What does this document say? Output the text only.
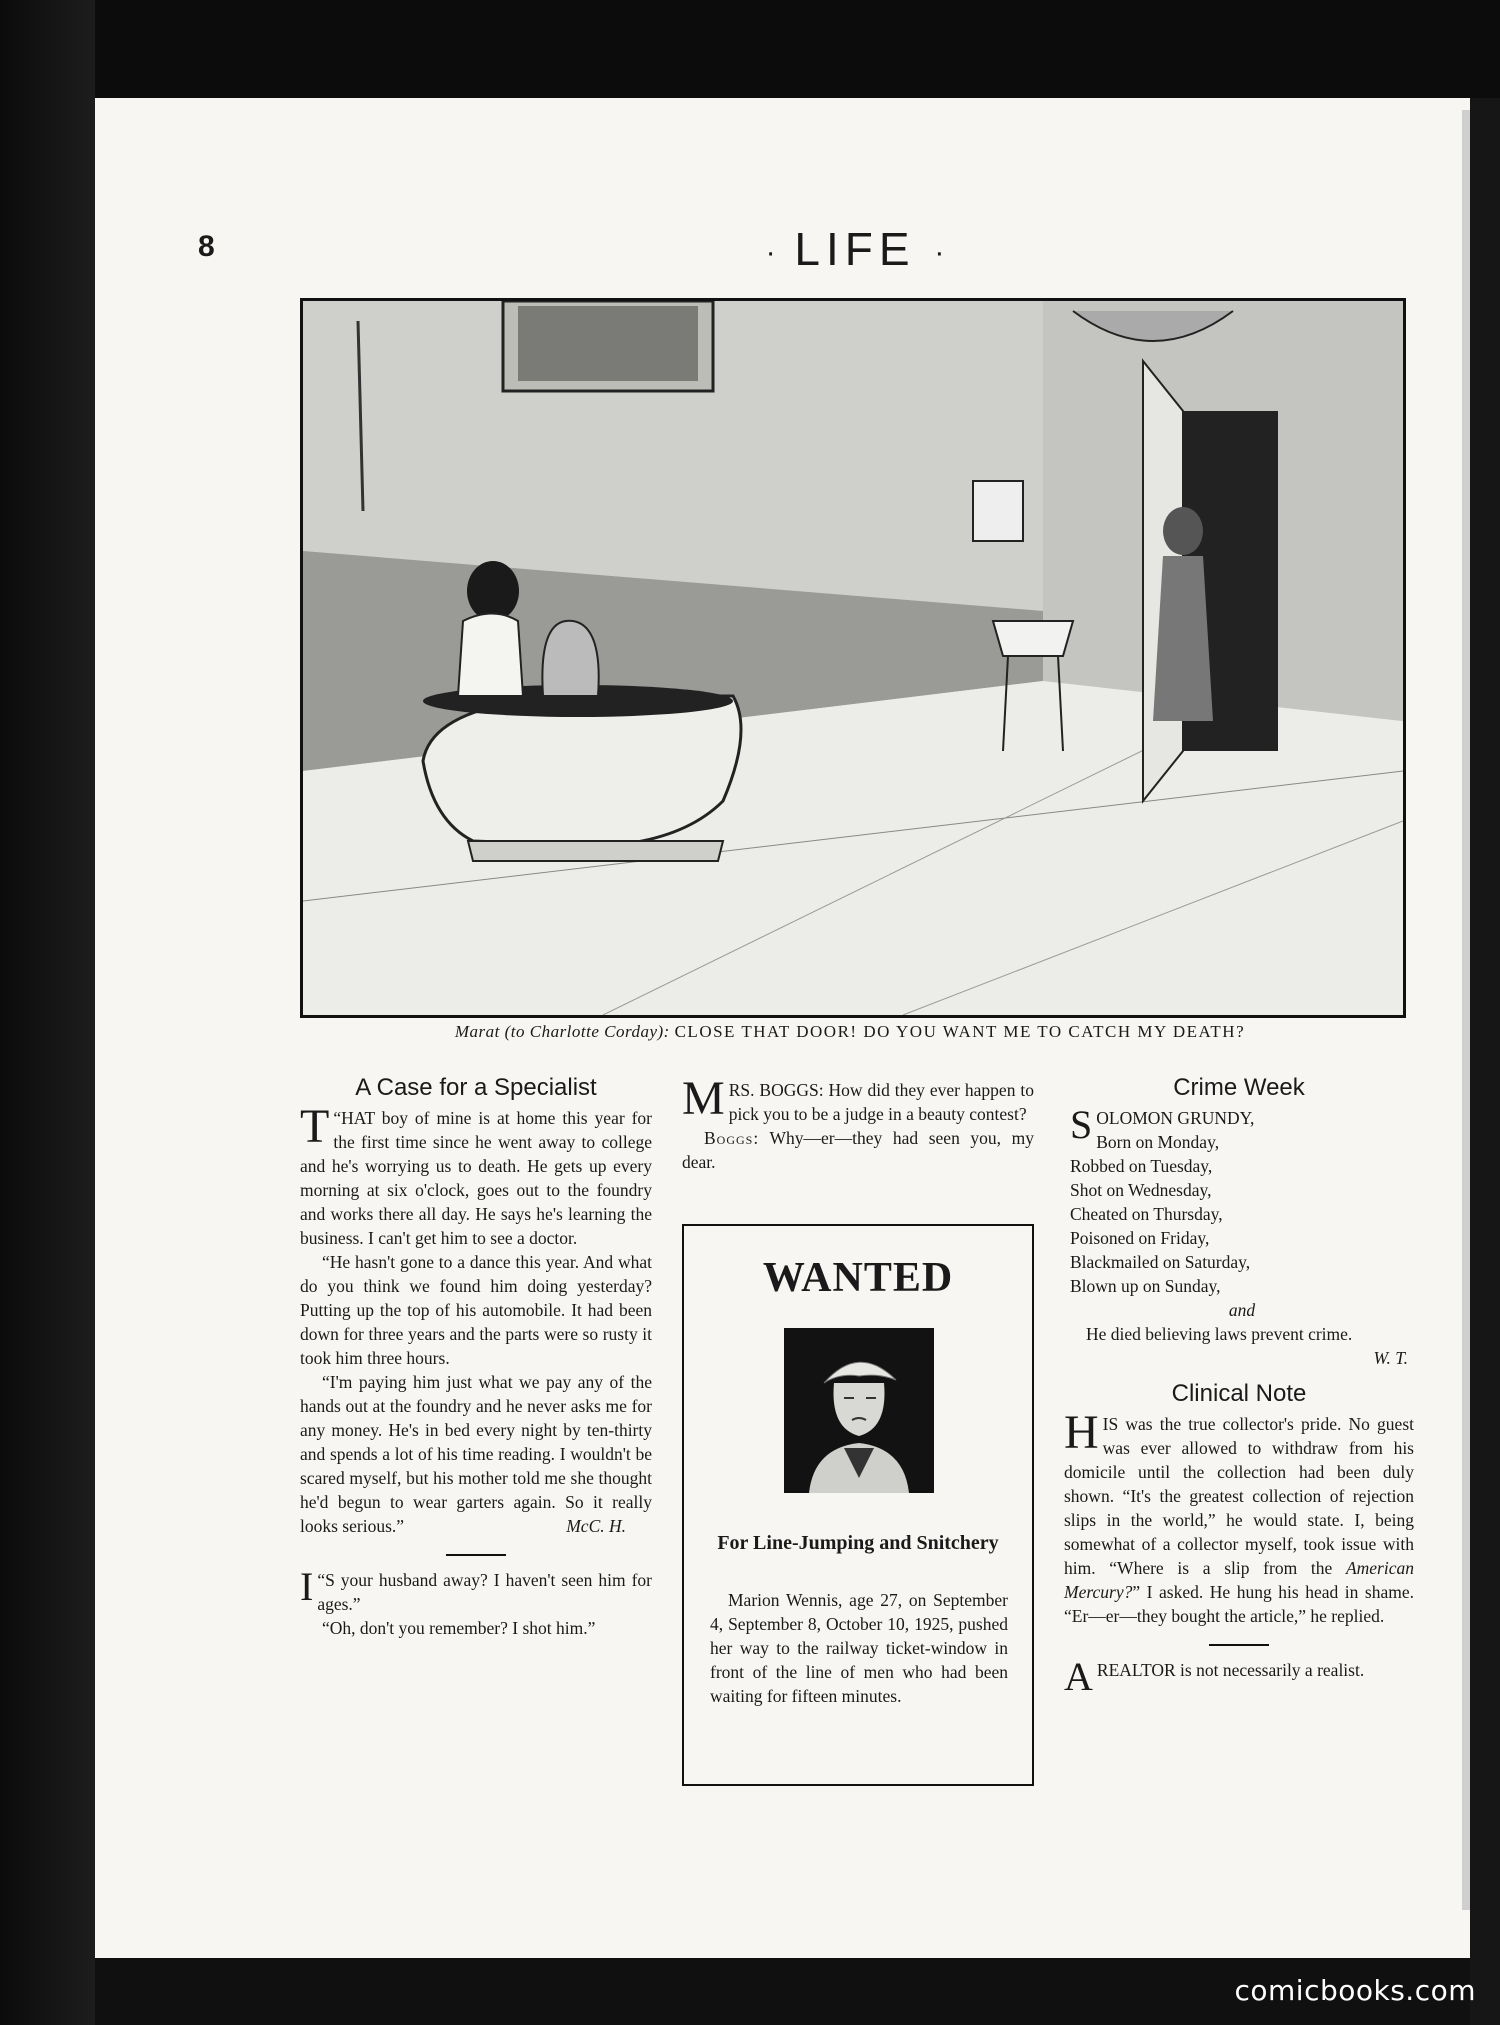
8	· LIFE ·
Marat (to Charlotte Corday): CLOSE THAT DOOR! DO YOU WANT ME TO CATCH MY DEATH?
A Case for a Specialist

“
T HAT boy of mine is at home this year for the first time since he went away to college and he's worrying us to death. He gets up every morning at six o'clock, goes out to the foundry and works there all day. He says he's learning the business. I can't get him to see a doctor.

“He hasn't gone to a dance this year. And what do you think we found him doing yesterday? Putting up the top of his automobile. It had been down for three years and the parts were so rusty it took him three hours.

“I'm paying him just what we pay any of the hands out at the foundry and he never asks me for any money. He's in bed every night by ten-thirty and spends a lot of his time reading. I wouldn't be scared myself, but his mother told me she thought he'd begun to wear garters again. So it really looks serious.”	McC. H.

“
I S your husband away? I haven't seen him for ages.”

“Oh, don't you remember? I shot him.”

MRS. BOGGS: How did they ever happen to pick you to be a judge in a beauty contest?

Boggs: Why—er—they had seen you, my dear.

WANTED
For Line-Jumping and Snitchery
Marion Wennis, age 27, on September 4, September 8, October 10, 1925, pushed her way to the railway ticket-window in front of the line of men who had been waiting for fifteen minutes.
Crime Week
SOLOMON GRUNDY,
Born on Monday,
Robbed on Tuesday,
Shot on Wednesday,
Cheated on Thursday,
Poisoned on Friday,
Blackmailed on Saturday,
Blown up on Sunday,
and

He died believing laws prevent crime.
W. T.

Clinical Note

HIS was the true collector's pride. No guest was ever allowed to withdraw from his domicile until the collection had been duly shown. “It's the greatest collection of rejection slips in the world,” he would state. I, being somewhat of a collector myself, took issue with him. “Where is a slip from the American Mercury?” I asked. He hung his head in shame. “Er—er—they bought the article,” he replied.

AREALTOR is not necessarily a realist.

comicbooks.com
